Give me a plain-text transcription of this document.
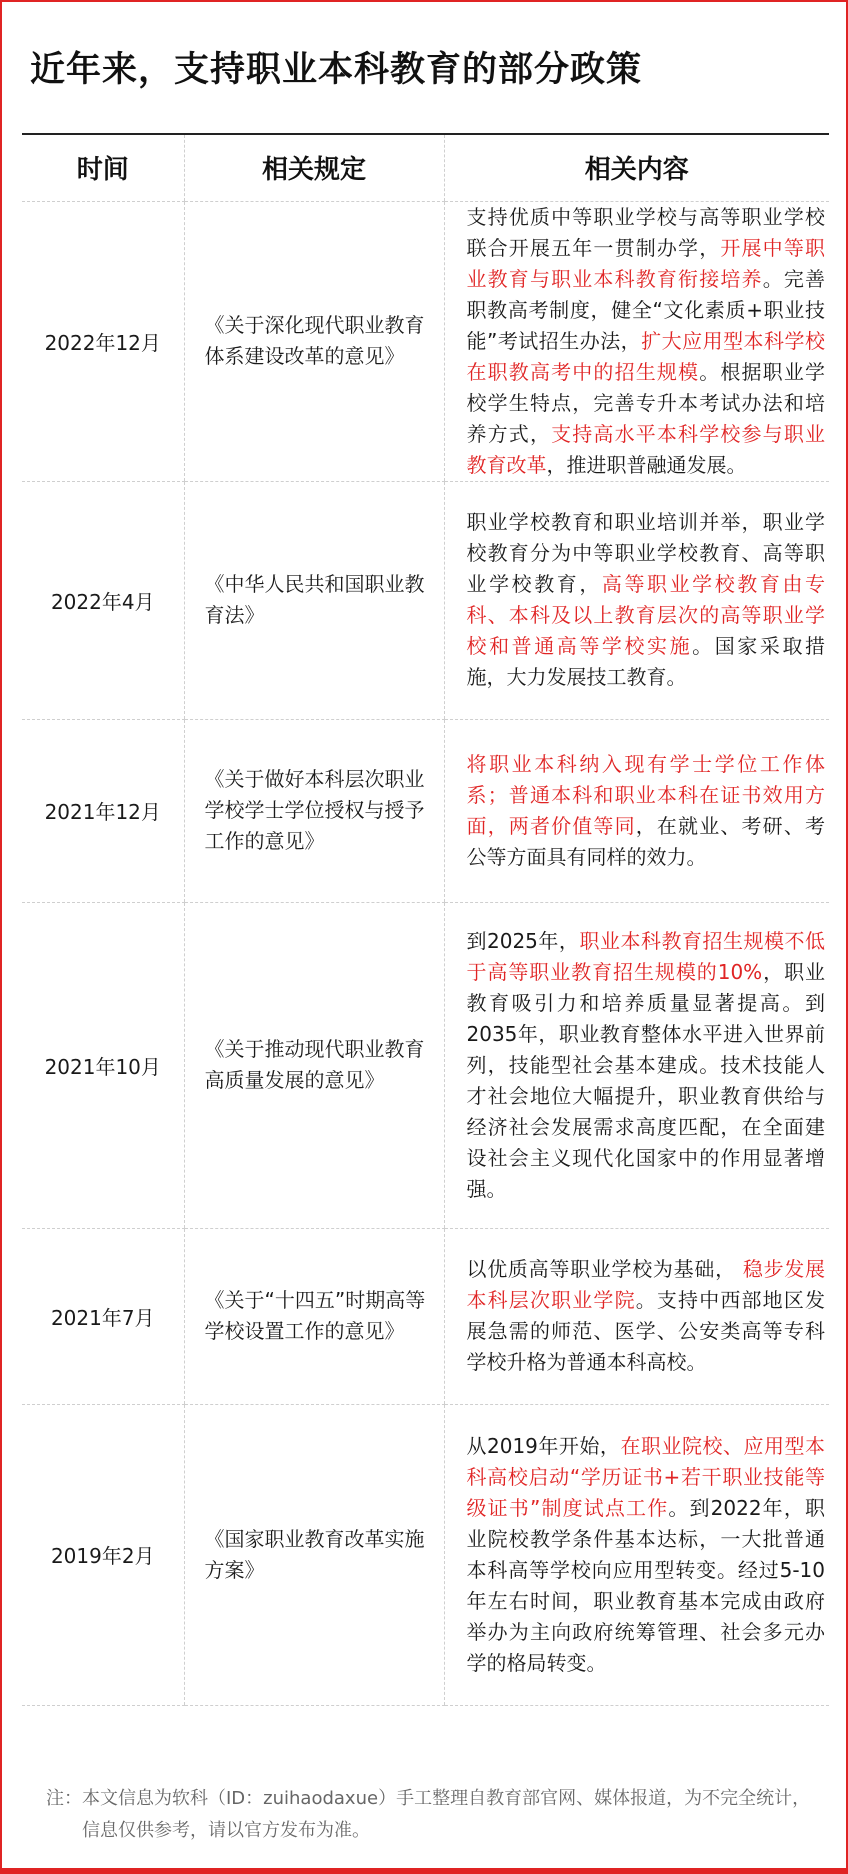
近年来，支持职业本科教育的部分政策
时间	相关规定	相关内容
2022年12月	《关于深化现代职业教育体系建设改革的意见》	支持优质中等职业学校与高等职业学校联合开展五年一贯制办学，开展中等职业教育与职业本科教育衔接培养。完善职教高考制度，健全“文化素质+职业技能”考试招生办法，扩大应用型本科学校在职教高考中的招生规模。根据职业学校学生特点，完善专升本考试办法和培养方式，支持高水平本科学校参与职业教育改革，推进职普融通发展。
2022年4月	《中华人民共和国职业教育法》	职业学校教育和职业培训并举，职业学校教育分为中等职业学校教育、高等职业学校教育，高等职业学校教育由专科、本科及以上教育层次的高等职业学校和普通高等学校实施。国家采取措施，大力发展技工教育。
2021年12月	《关于做好本科层次职业学校学士学位授权与授予工作的意见》	将职业本科纳入现有学士学位工作体系；普通本科和职业本科在证书效用方面，两者价值等同，在就业、考研、考公等方面具有同样的效力。
2021年10月	《关于推动现代职业教育高质量发展的意见》	到2025年，职业本科教育招生规模不低于高等职业教育招生规模的10%，职业教育吸引力和培养质量显著提高。到2035年，职业教育整体水平进入世界前列，技能型社会基本建成。技术技能人才社会地位大幅提升，职业教育供给与经济社会发展需求高度匹配，在全面建设社会主义现代化国家中的作用显著增强。
2021年7月	《关于“十四五”时期高等学校设置工作的意见》	以优质高等职业学校为基础， 稳步发展本科层次职业学院。支持中西部地区发展急需的师范、医学、公安类高等专科学校升格为普通本科高校。
2019年2月	《国家职业教育改革实施方案》	从2019年开始，在职业院校、应用型本科高校启动“学历证书+若干职业技能等级证书”制度试点工作。到2022年，职业院校教学条件基本达标，一大批普通本科高等学校向应用型转变。经过5-10年左右时间，职业教育基本完成由政府举办为主向政府统筹管理、社会多元办学的格局转变。
注：本文信息为软科（ID：zuihaodaxue）手工整理自教育部官网、媒体报道，为不完全统计，信息仅供参考，请以官方发布为准。
